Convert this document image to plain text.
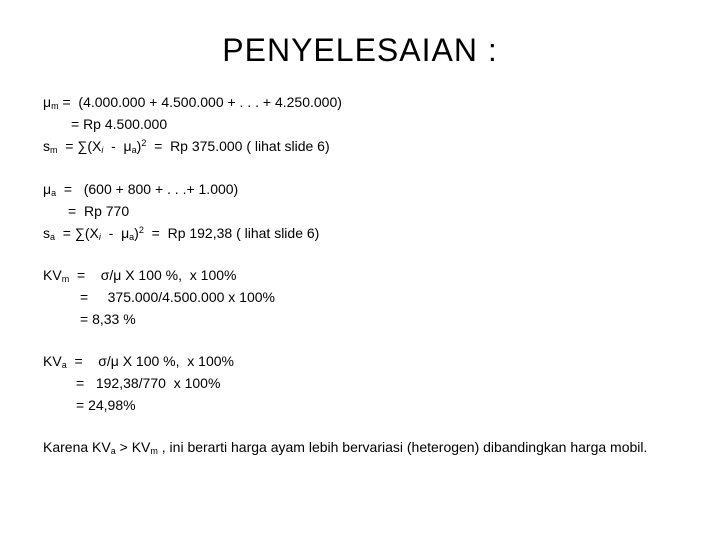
PENYELESAIAN :
$\mu_m = (4.000.000 + 4.500.000$ + . . . + 4.250.000)
= Rp 4.500.000
$s_m = \sum(X_i - \mu_a)^2 = Rp$ 375.000 ( lihat slide 6)
$\mu_a = (600 + 800$ + . . .+ 1.000)
=  Rp 770
$s_a = \sum(X_i - \mu_a)^2 = Rp$ 192,38 ( lihat slide 6)
$KV_m$  =    σ/μ X 100 %,  x 100%
=     375.000/4.500.000 x 100%
= 8,33 %
$KV_a$  =    σ/μ X 100 %,  x 100%
=   192,38/770  x 100%
= 24,98%
Karena $KV_a > KV_m$ , ini berarti harga ayam lebih bervariasi (heterogen) dibandingkan harga mobil.
